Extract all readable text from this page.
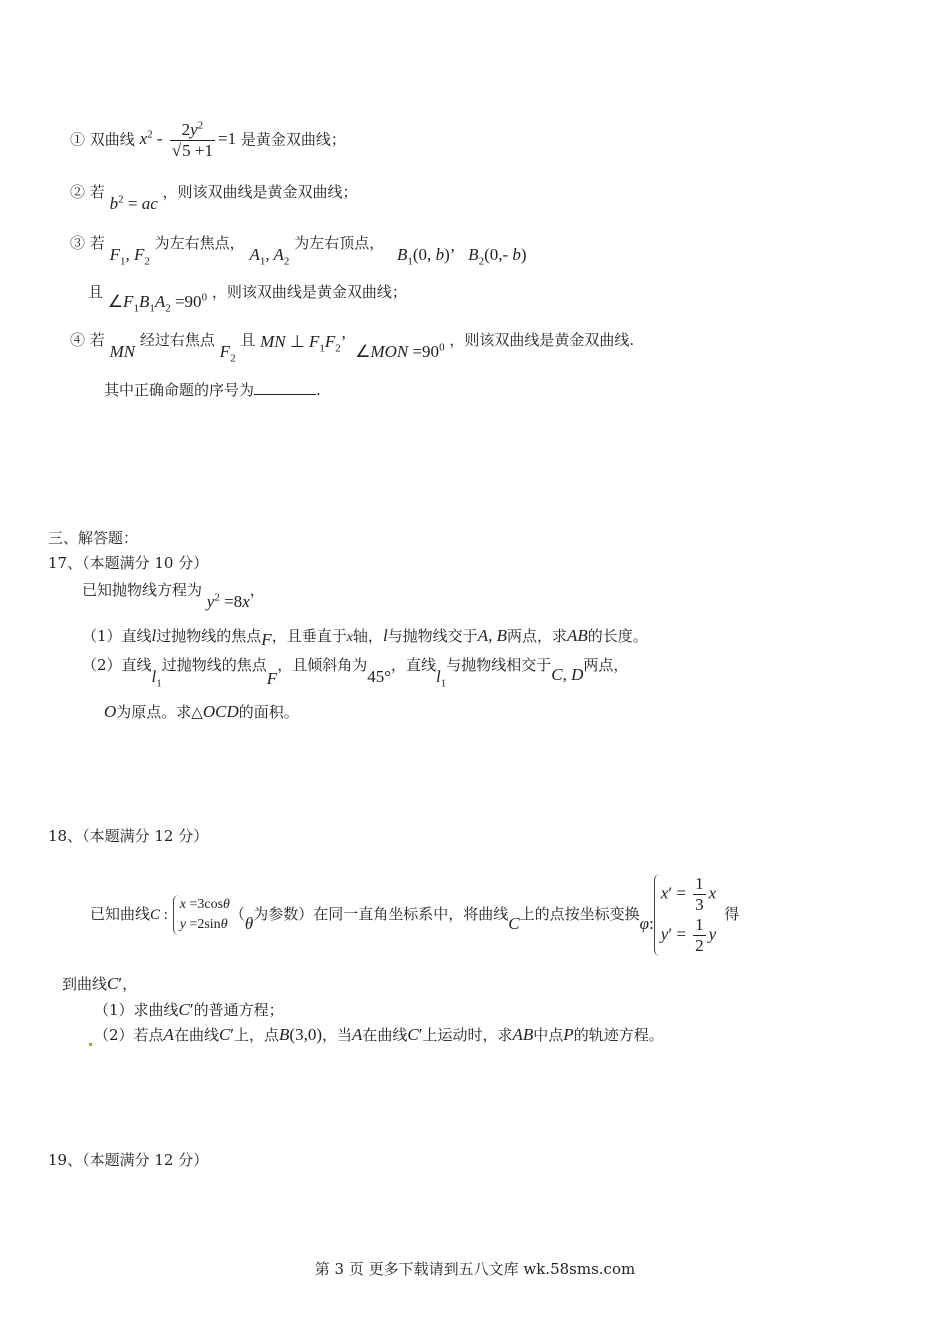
① 双曲线 $x^2 - \frac{2y^2}{√5 +1} =1$ 是黄金双曲线；
② 若 $b^2$ = ac ，则该双曲线是黄金双曲线；
③ 若 $F_1$, $F_2$ 为左右焦点， $A_1$, $A_2$ 为左右顶点， $B_1(0$, b)’ $B_2(0,-$ b)
且 $\angle F_1B_1A_2 =90^0$ ，则该双曲线是黄金双曲线；
④ 若 MN 经过右焦点 $F_2$ 且 MN ⊥ $F_1F_2$’ ∠MON $=90^0$ ，则该双曲线是黄金双曲线.
其中正确命题的序号为	.
三、解答题：
17、（本题满分 10 分）
已知抛物线方程为 $y^2 =8x$，
（1）直线l过抛物线的焦点F，且垂直于x轴，l与抛物线交于A, B两点，求AB的长度。
（2）直线$l_1$过抛物线的焦点F，且倾斜角为45°，直线$l_1$与抛物线相交于C, D两点，
O为原点。求△OCD的面积。
18、（本题满分 12 分）
已知曲线C :
x =3cosθ
y =2sinθ
（θ为参数）在同一直角坐标系中，将曲线C上的点按坐标变换φ:
$x' = \frac{1}{3}$ x
$y' = \frac{1}{2}$ y
得
到曲线C′，
（1）求曲线C′的普通方程；
（2）若点A在曲线C′上，点B(3,0)，当A在曲线C′上运动时，求AB中点P的轨迹方程。
19、（本题满分 12 分）
第 3 页 更多下载请到五八文库 wk.58sms.com
